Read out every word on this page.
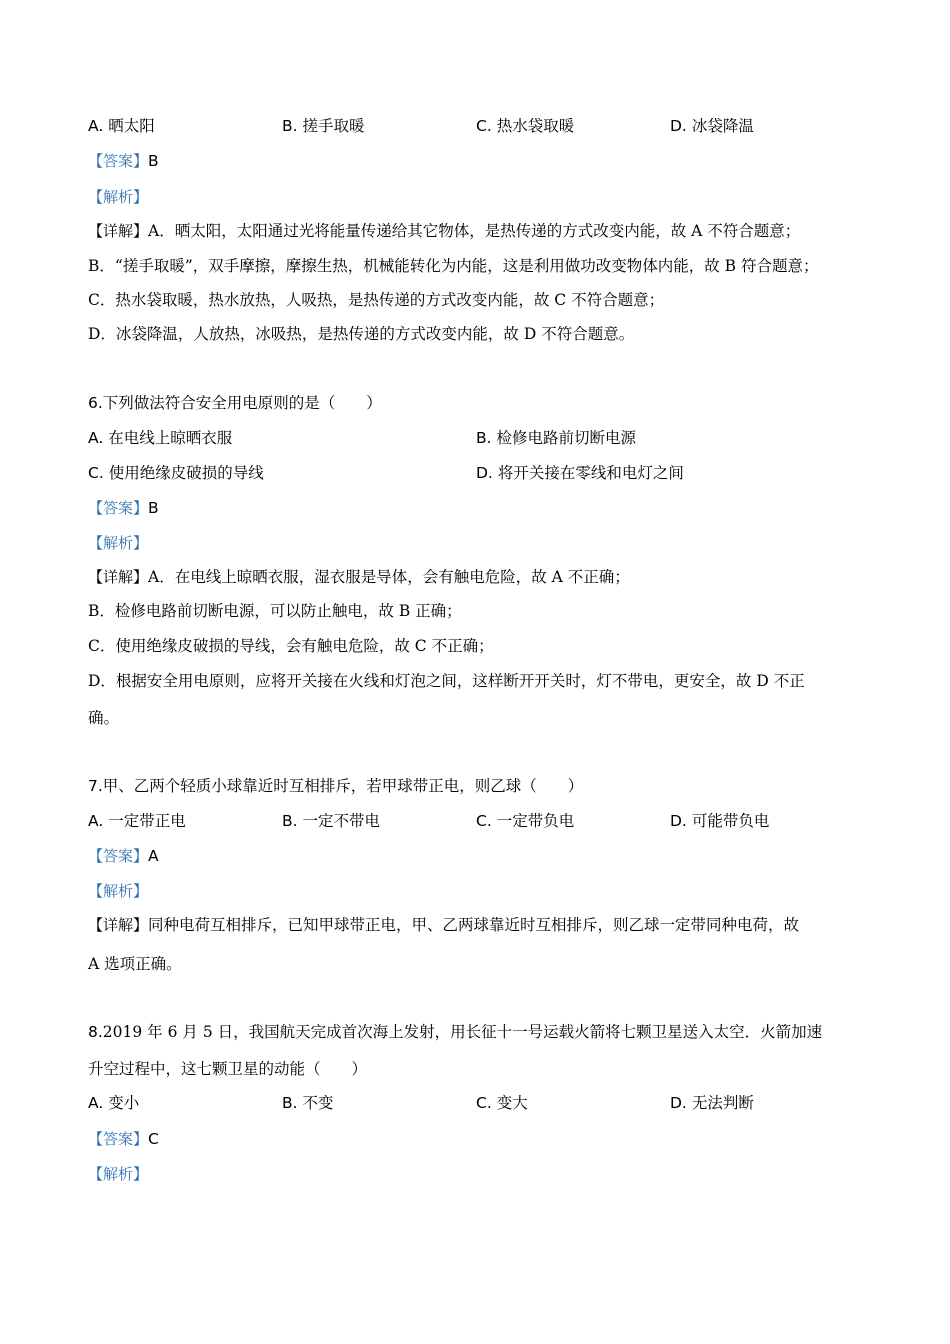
A. 晒太阳	B. 搓手取暖	C. 热水袋取暖	D. 冰袋降温
【答案】B
【解析】
【详解】A．晒太阳，太阳通过光将能量传递给其它物体，是热传递的方式改变内能，故 A 不符合题意；
B．“搓手取暖”，双手摩擦，摩擦生热，机械能转化为内能，这是利用做功改变物体内能，故 B 符合题意；
C．热水袋取暖，热水放热，人吸热，是热传递的方式改变内能，故 C 不符合题意；
D．冰袋降温，人放热，冰吸热，是热传递的方式改变内能，故 D 不符合题意。
6.下列做法符合安全用电原则的是（　　）
A. 在电线上晾晒衣服	B. 检修电路前切断电源
C. 使用绝缘皮破损的导线	D. 将开关接在零线和电灯之间
【答案】B
【解析】
【详解】A．在电线上晾晒衣服，湿衣服是导体，会有触电危险，故 A 不正确；
B．检修电路前切断电源，可以防止触电，故 B 正确；
C．使用绝缘皮破损的导线，会有触电危险，故 C 不正确；
D．根据安全用电原则，应将开关接在火线和灯泡之间，这样断开开关时，灯不带电，更安全，故 D 不正
确。
7.甲、乙两个轻质小球靠近时互相排斥，若甲球带正电，则乙球（　　）
A. 一定带正电	B. 一定不带电	C. 一定带负电	D. 可能带负电
【答案】A
【解析】
【详解】同种电荷互相排斥，已知甲球带正电，甲、乙两球靠近时互相排斥，则乙球一定带同种电荷，故
A 选项正确。
8.2019 年 6 月 5 日，我国航天完成首次海上发射，用长征十一号运载火箭将七颗卫星送入太空．火箭加速
升空过程中，这七颗卫星的动能（　　）
A. 变小	B. 不变	C. 变大	D. 无法判断
【答案】C
【解析】
